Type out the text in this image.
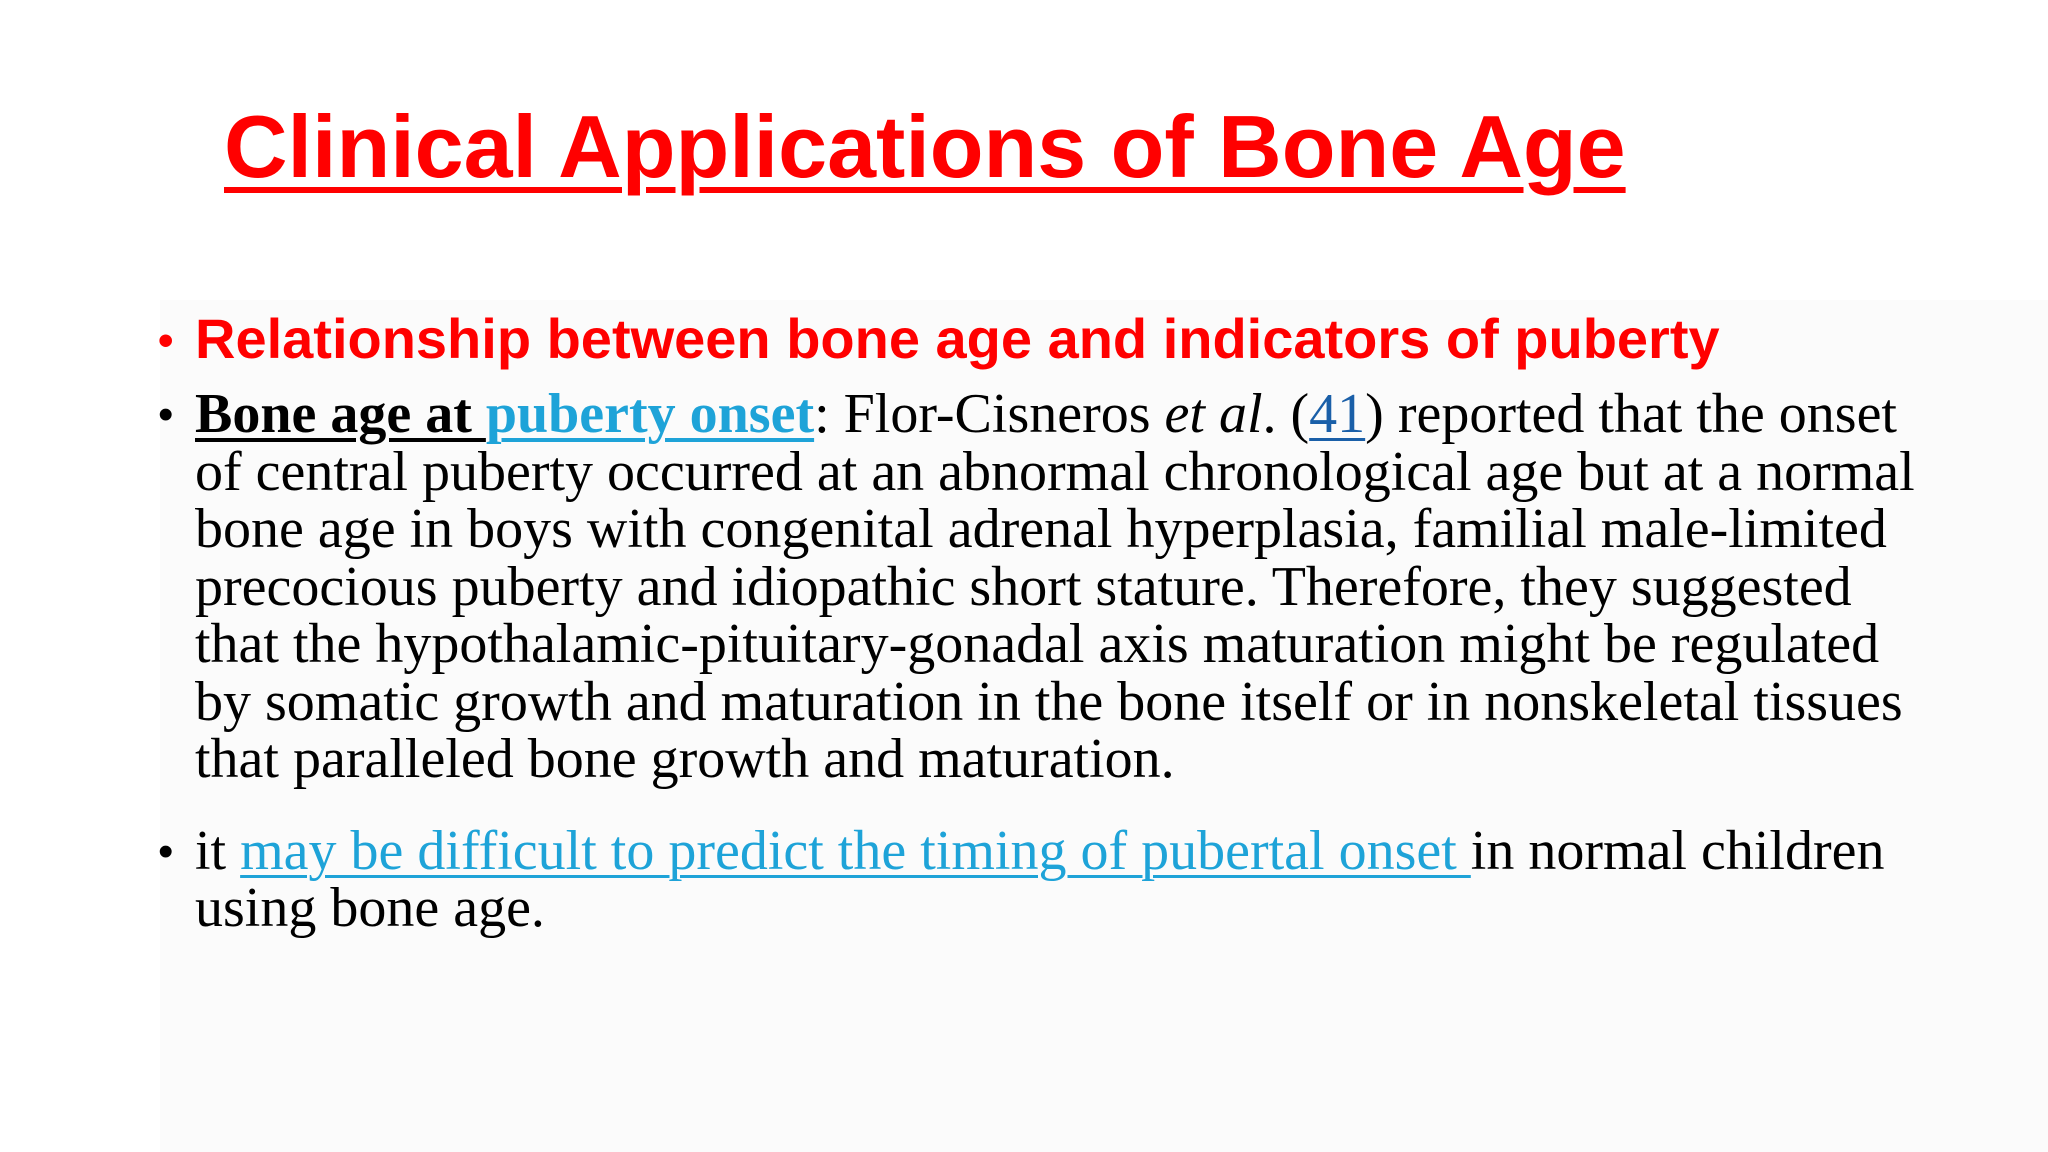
Clinical Applications of Bone Age
• Relationship between bone age and indicators of puberty
• Bone age at puberty onset: Flor-Cisneros et al. (41) reported that the onset of central puberty occurred at an abnormal chronological age but at a normal bone age in boys with congenital adrenal hyperplasia, familial male-limited precocious puberty and idiopathic short stature. Therefore, they suggested that the hypothalamic-pituitary-gonadal axis maturation might be regulated by somatic growth and maturation in the bone itself or in nonskeletal tissues that paralleled bone growth and maturation.
• it may be difficult to predict the timing of pubertal onset in normal children using bone age.
